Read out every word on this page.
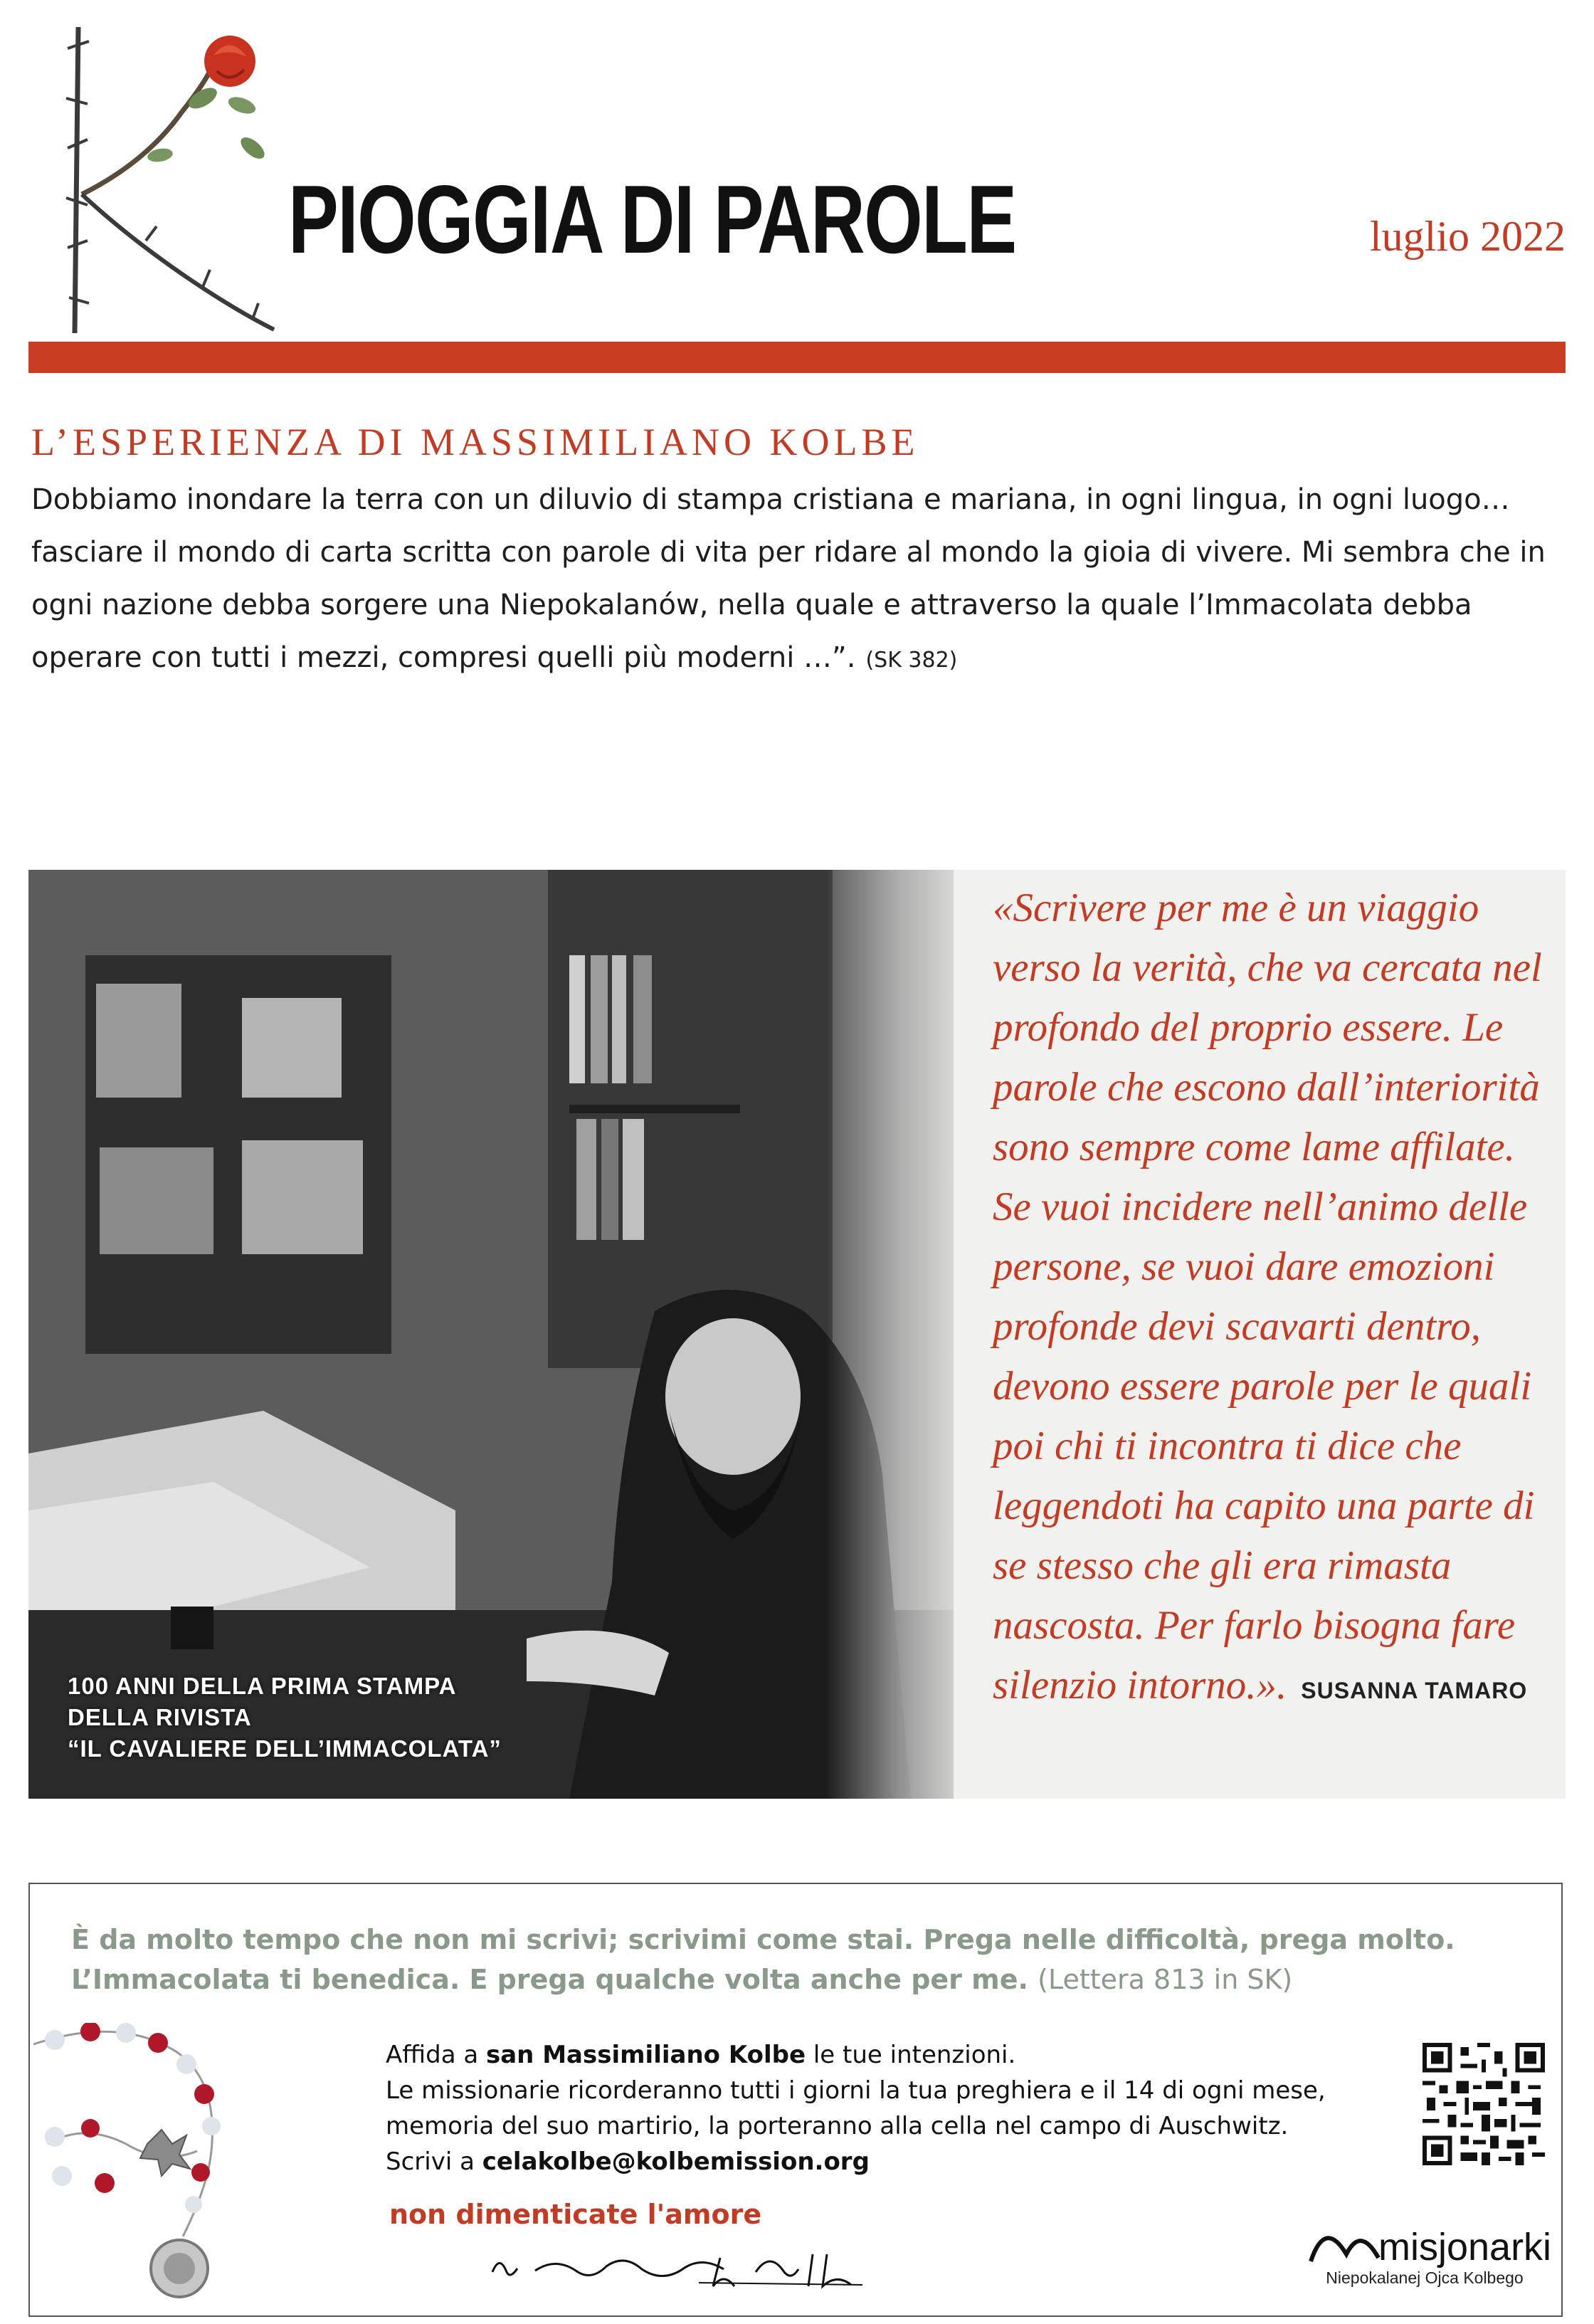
PIOGGIA DI PAROLE	luglio 2022
L’ESPERIENZA DI MASSIMILIANO KOLBE

Dobbiamo inondare la terra con un diluvio di stampa cristiana e mariana, in ogni lingua, in ogni luogo… fasciare il mondo di carta scritta con parole di vita per ridare al mondo la gioia di vivere. Mi sembra che in ogni nazione debba sorgere una Niepokalanów, nella quale e attraverso la quale l’Immacolata debba operare con tutti i mezzi, compresi quelli più moderni …”. (SK 382)

100 ANNI DELLA PRIMA STAMPA
DELLA RIVISTA
“IL CAVALIERE DELL’IMMACOLATA”

«Scrivere per me è un viaggio verso la verità, che va cercata nel profondo del proprio essere. Le parole che escono dall’interiorità sono sempre come lame affilate. Se vuoi incidere nell’animo delle persone, se vuoi dare emozioni profonde devi scavarti dentro, devono essere parole per le quali poi chi ti incontra ti dice che leggendoti ha capito una parte di se stesso che gli era rimasta nascosta. Per farlo bisogna fare silenzio intorno.». SUSANNA TAMARO

È da molto tempo che non mi scrivi; scrivimi come stai. Prega nelle difficoltà, prega molto. L’Immacolata ti benedica. E prega qualche volta anche per me. (Lettera 813 in SK)

Affida a san Massimiliano Kolbe le tue intenzioni.
Le missionarie ricorderanno tutti i giorni la tua preghiera e il 14 di ogni mese,
memoria del suo martirio, la porteranno alla cella nel campo di Auschwitz.
Scrivi a celakolbe@kolbemission.org

non dimenticate l'amore

misjonarki

Niepokalanej Ojca Kolbego
